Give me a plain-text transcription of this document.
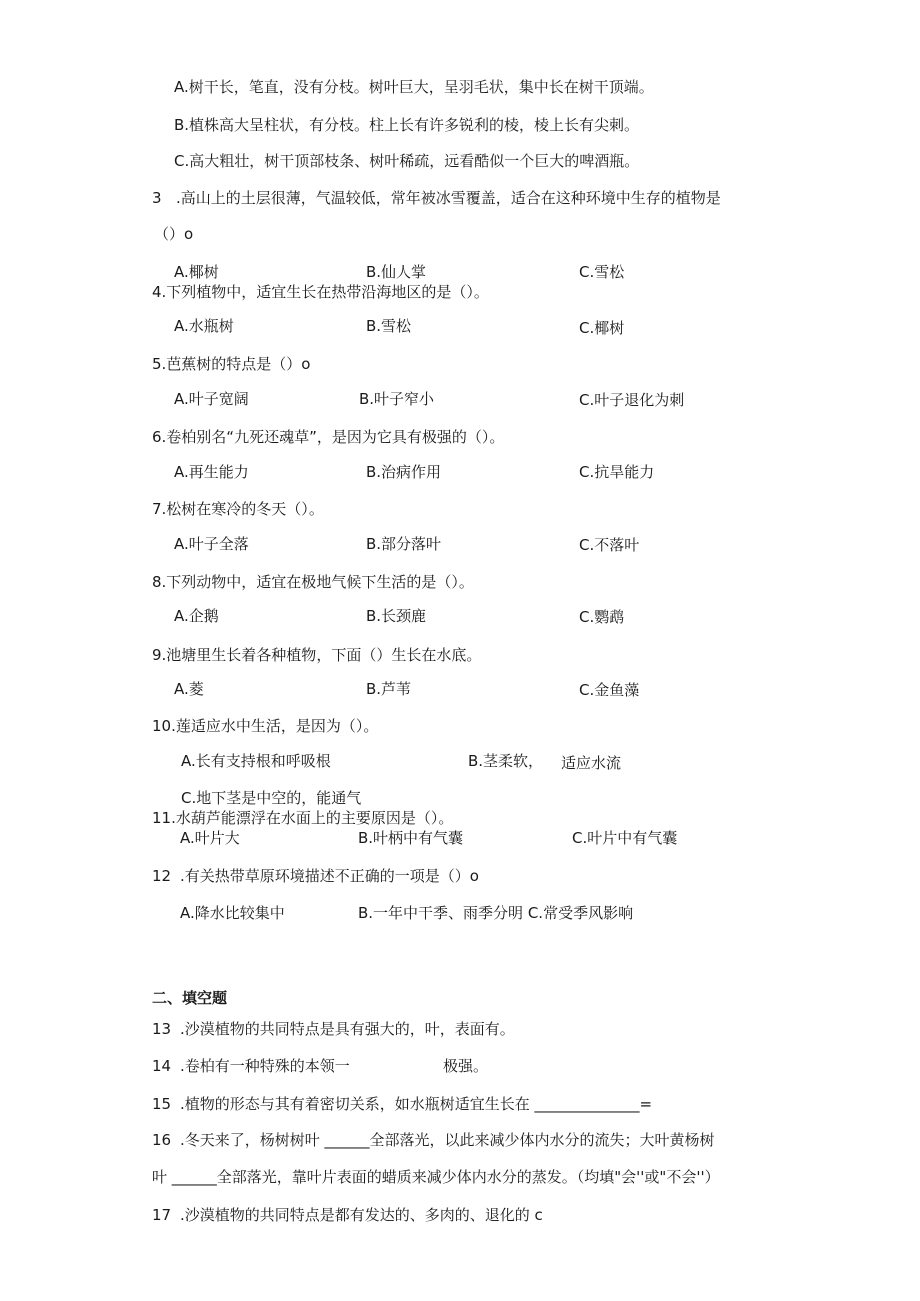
A.树干长，笔直，没有分枝。树叶巨大，呈羽毛状，集中长在树干顶端。
B.植株高大呈柱状，有分枝。柱上长有许多锐利的棱，棱上长有尖刺。
C.高大粗壮，树干顶部枝条、树叶稀疏，远看酷似一个巨大的啤酒瓶。
3 .高山上的土层很薄，气温较低，常年被冰雪覆盖，适合在这种环境中生存的植物是
（）o
A.椰树	B.仙人掌	C.雪松
4.下列植物中，适宜生长在热带沿海地区的是（）。
A.水瓶树	B.雪松	C.椰树
5.芭蕉树的特点是（）o
A.叶子宽阔	B.叶子窄小	C.叶子退化为刺
6.卷柏别名“九死还魂草”，是因为它具有极强的（）。
A.再生能力	B.治病作用	C.抗旱能力
7.松树在寒冷的冬天（）。
A.叶子全落	B.部分落叶	C.不落叶
8.下列动物中，适宜在极地气候下生活的是（）。
A.企鹅	B.长颈鹿	C.鹦鹉
9.池塘里生长着各种植物，下面（）生长在水底。
A.菱	B.芦苇	C.金鱼藻
10.莲适应水中生活，是因为（）。
A.长有支持根和呼吸根	B.茎柔软， 适应水流
C.地下茎是中空的，能通气
11.水葫芦能漂浮在水面上的主要原因是（）。
A.叶片大	B.叶柄中有气囊	C.叶片中有气囊
12 .有关热带草原环境描述不正确的一项是（）o
A.降水比较集中	B.一年中干季、雨季分明 C.常受季风影响
二、填空题
13 .沙漠植物的共同特点是具有强大的，叶，表面有。
14 .卷柏有一种特殊的本领一	极强。
15 .植物的形态与其有着密切关系，如水瓶树适宜生长在 ______________=
16 .冬天来了，杨树树叶 ______全部落光，以此来减少体内水分的流失；大叶黄杨树
叶 ______全部落光，靠叶片表面的蜡质来减少体内水分的蒸发。（均填"会''或"不会''）
17 .沙漠植物的共同特点是都有发达的、多肉的、退化的 c
